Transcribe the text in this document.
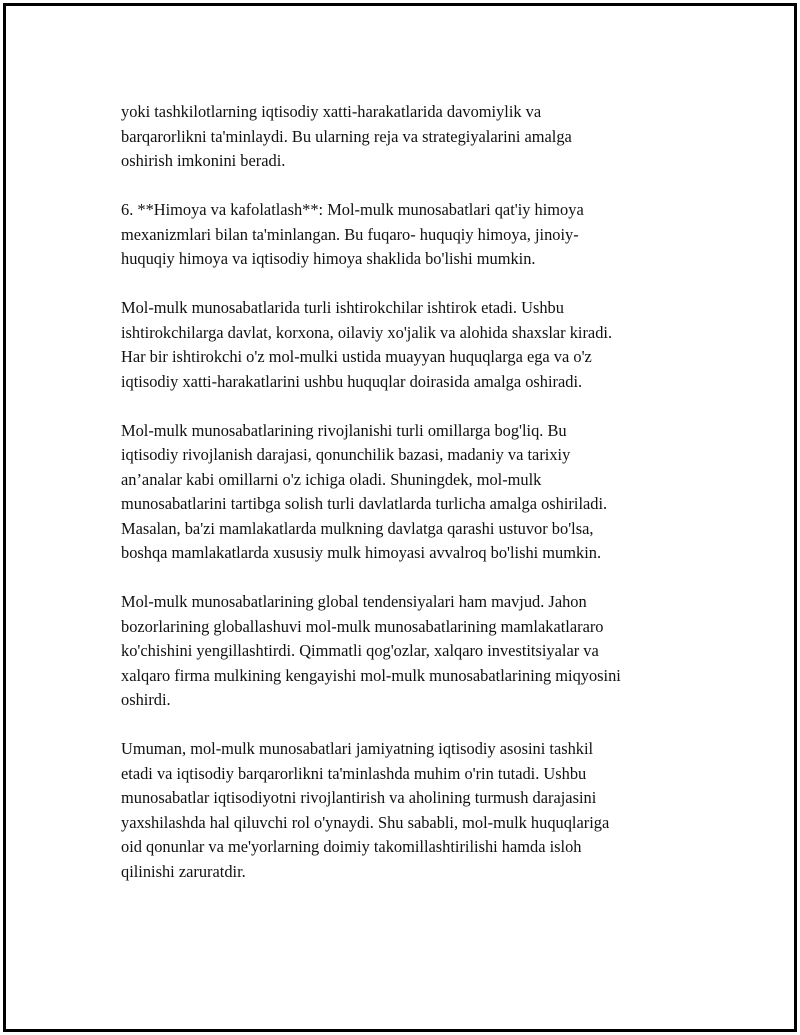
yoki tashkilotlarning iqtisodiy xatti-harakatlarida davomiylik va
barqarorlikni ta'minlaydi. Bu ularning reja va strategiyalarini amalga
oshirish imkonini beradi.

6. **Himoya va kafolatlash**: Mol-mulk munosabatlari qat'iy himoya
mexanizmlari bilan ta'minlangan. Bu fuqaro- huquqiy himoya, jinoiy-
huquqiy himoya va iqtisodiy himoya shaklida bo'lishi mumkin.

Mol-mulk munosabatlarida turli ishtirokchilar ishtirok etadi. Ushbu
ishtirokchilarga davlat, korxona, oilaviy xo'jalik va alohida shaxslar kiradi.
Har bir ishtirokchi o'z mol-mulki ustida muayyan huquqlarga ega va o'z
iqtisodiy xatti-harakatlarini ushbu huquqlar doirasida amalga oshiradi.

Mol-mulk munosabatlarining rivojlanishi turli omillarga bog'liq. Bu
iqtisodiy rivojlanish darajasi, qonunchilik bazasi, madaniy va tarixiy
an’analar kabi omillarni o'z ichiga oladi. Shuningdek, mol-mulk
munosabatlarini tartibga solish turli davlatlarda turlicha amalga oshiriladi.
Masalan, ba'zi mamlakatlarda mulkning davlatga qarashi ustuvor bo'lsa,
boshqa mamlakatlarda xususiy mulk himoyasi avvalroq bo'lishi mumkin.

Mol-mulk munosabatlarining global tendensiyalari ham mavjud. Jahon
bozorlarining globallashuvi mol-mulk munosabatlarining mamlakatlararo
ko'chishini yengillashtirdi. Qimmatli qog'ozlar, xalqaro investitsiyalar va
xalqaro firma mulkining kengayishi mol-mulk munosabatlarining miqyosini
oshirdi.

Umuman, mol-mulk munosabatlari jamiyatning iqtisodiy asosini tashkil
etadi va iqtisodiy barqarorlikni ta'minlashda muhim o'rin tutadi. Ushbu
munosabatlar iqtisodiyotni rivojlantirish va aholining turmush darajasini
yaxshilashda hal qiluvchi rol o'ynaydi. Shu sababli, mol-mulk huquqlariga
oid qonunlar va me'yorlarning doimiy takomillashtirilishi hamda isloh
qilinishi zaruratdir.
